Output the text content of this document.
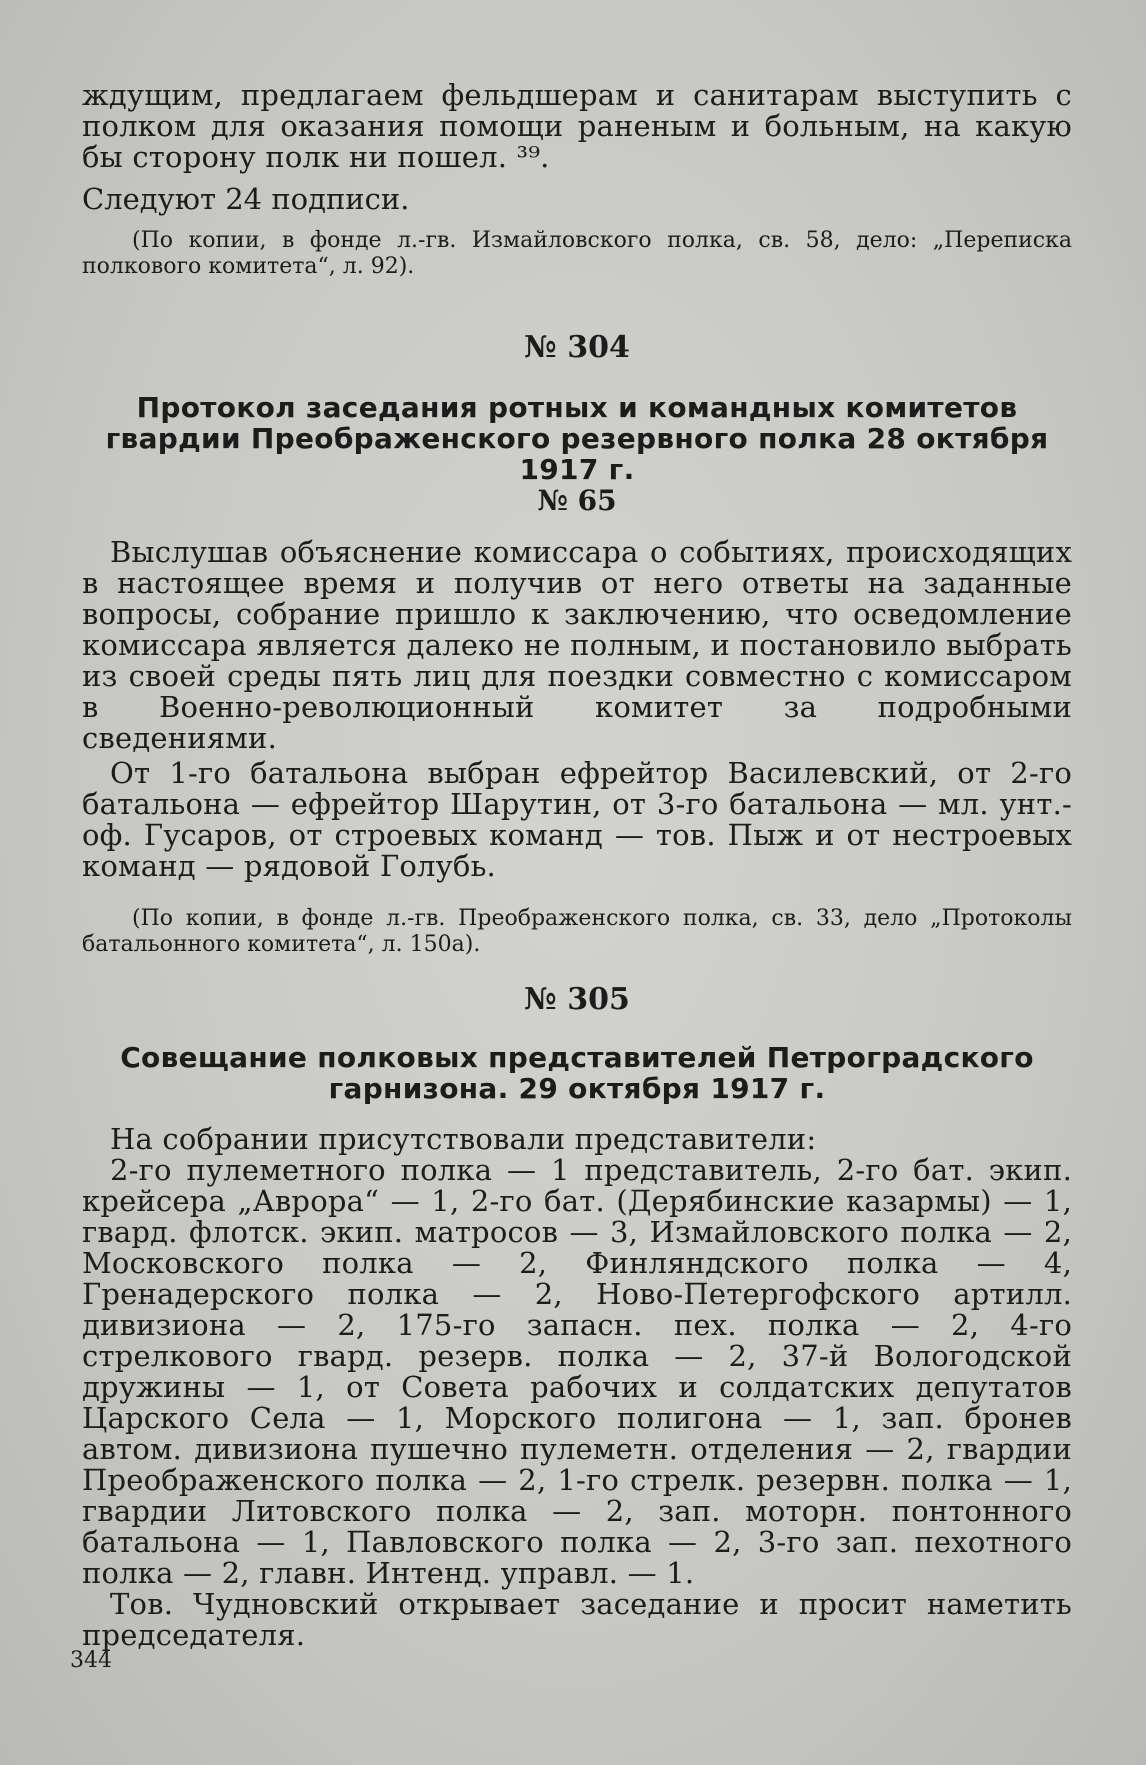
ждущим, предлагаем фельдшерам и санитарам выступить с полком для оказания помощи раненым и больным, на какую бы сторону полк ни пошел. ³⁹.

Следуют 24 подписи.

(По копии, в фонде л.-гв. Измайловского полка, св. 58, дело: „Переписка полкового комитета“, л. 92).

№ 304
Протокол заседания ротных и командных комитетов гвардии Преображенского резервного полка 28 октября 1917 г.
№ 65

Выслушав объяснение комиссара о событиях, происходящих в настоящее время и получив от него ответы на заданные вопросы, собрание пришло к заключению, что осведомление комиссара является далеко не полным, и постановило выбрать из своей среды пять лиц для поездки совместно с комиссаром в Военно-революционный комитет за подробными сведениями.

От 1-го батальона выбран ефрейтор Василевский, от 2-го батальона — ефрейтор Шарутин, от 3-го батальона — мл. унт.-оф. Гусаров, от строевых команд — тов. Пыж и от нестроевых команд — рядовой Голубь.

(По копии, в фонде л.-гв. Преображенского полка, св. 33, дело „Протоколы батальонного комитета“, л. 150а).

№ 305
Совещание полковых представителей Петроградского гарнизона. 29 октября 1917 г.

На собрании присутствовали представители:

2-го пулеметного полка — 1 представитель, 2-го бат. экип. крейсера „Аврора“ — 1, 2-го бат. (Дерябинские казармы) — 1, гвард. флотск. экип. матросов — 3, Измайловского полка — 2, Московского полка — 2, Финляндского полка — 4, Гренадерского полка — 2, Ново-Петергофского артилл. дивизиона — 2, 175-го запасн. пех. полка — 2, 4-го стрелкового гвард. резерв. полка — 2, 37-й Вологодской дружины — 1, от Совета рабочих и солдатских депутатов Царского Села — 1, Морского полигона — 1, зап. бронев автом. дивизиона пушечно пулеметн. отделения — 2, гвардии Преображенского полка — 2, 1-го стрелк. резервн. полка — 1, гвардии Литовского полка — 2, зап. моторн. понтонного батальона — 1, Павловского полка — 2, 3-го зап. пехотного полка — 2, главн. Интенд. управл. — 1.

Тов. Чудновский открывает заседание и просит наметить председателя.

344
